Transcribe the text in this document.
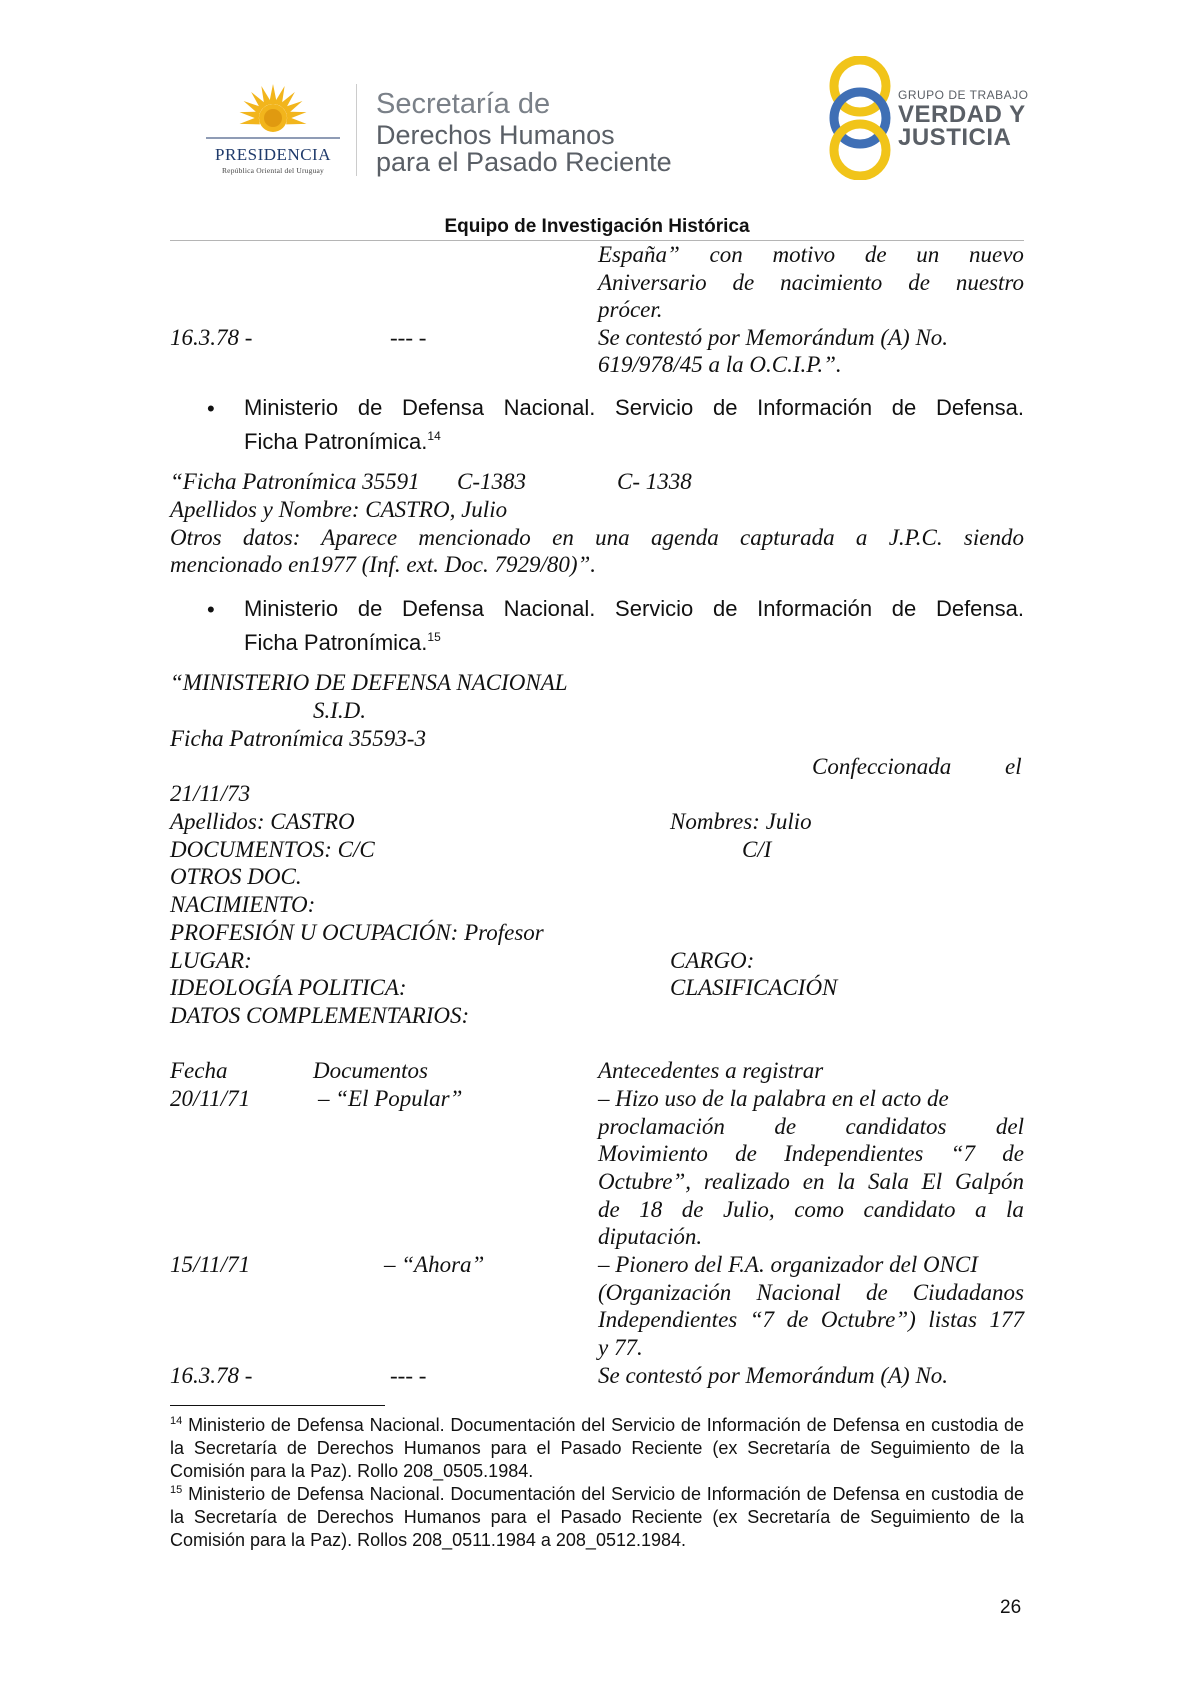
PRESIDENCIA
República Oriental del Uruguay
Secretaría de
Derechos Humanos
para el Pasado Reciente
GRUPO DE TRABAJO
VERDAD Y
JUSTICIA
Equipo de Investigación Histórica
España” con motivo de un nuevo
Aniversario de nacimiento de nuestro
prócer.
16.3.78 -	--- -	Se contestó por Memorándum (A) No.
619/978/45 a la O.C.I.P.”.
• Ministerio de Defensa Nacional. Servicio de Información de Defensa.
Ficha Patronímica.$^{14}$
“Ficha Patronímica 35591 C-1383	C- 1338
Apellidos y Nombre: CASTRO, Julio
Otros datos: Aparece mencionado en una agenda capturada a J.P.C. siendo
mencionado en1977 (Inf. ext. Doc. 7929/80)”.
• Ministerio de Defensa Nacional. Servicio de Información de Defensa.
Ficha Patronímica.$^{15}$
“MINISTERIO DE DEFENSA NACIONAL
S.I.D.
Ficha Patronímica 35593-3
Confeccionada el
21/11/73
Apellidos: CASTRO	Nombres: Julio
DOCUMENTOS: C/C	C/I
OTROS DOC.
NACIMIENTO:
PROFESIÓN U OCUPACIÓN: Profesor
LUGAR:	CARGO:
IDEOLOGÍA POLITICA:	CLASIFICACIÓN
DATOS COMPLEMENTARIOS:
Fecha	Documentos	Antecedentes a registrar
20/11/71	– “El Popular”	– Hizo uso de la palabra en el acto de
proclamación de candidatos del
Movimiento de Independientes “7 de
Octubre”, realizado en la Sala El Galpón
de 18 de Julio, como candidato a la
diputación.
15/11/71	– “Ahora”	– Pionero del F.A. organizador del ONCI
(Organización Nacional de Ciudadanos
Independientes “7 de Octubre”) listas 177
y 77.
16.3.78 -	--- -	Se contestó por Memorándum (A) No.
$^{14}$ Ministerio de Defensa Nacional. Documentación del Servicio de Información de Defensa en custodia de la Secretaría de Derechos Humanos para el Pasado Reciente (ex Secretaría de Seguimiento de la Comisión para la Paz). Rollo 208_0505.1984.
$^{15}$ Ministerio de Defensa Nacional. Documentación del Servicio de Información de Defensa en custodia de la Secretaría de Derechos Humanos para el Pasado Reciente (ex Secretaría de Seguimiento de la Comisión para la Paz). Rollos 208_0511.1984 a 208_0512.1984.
26
